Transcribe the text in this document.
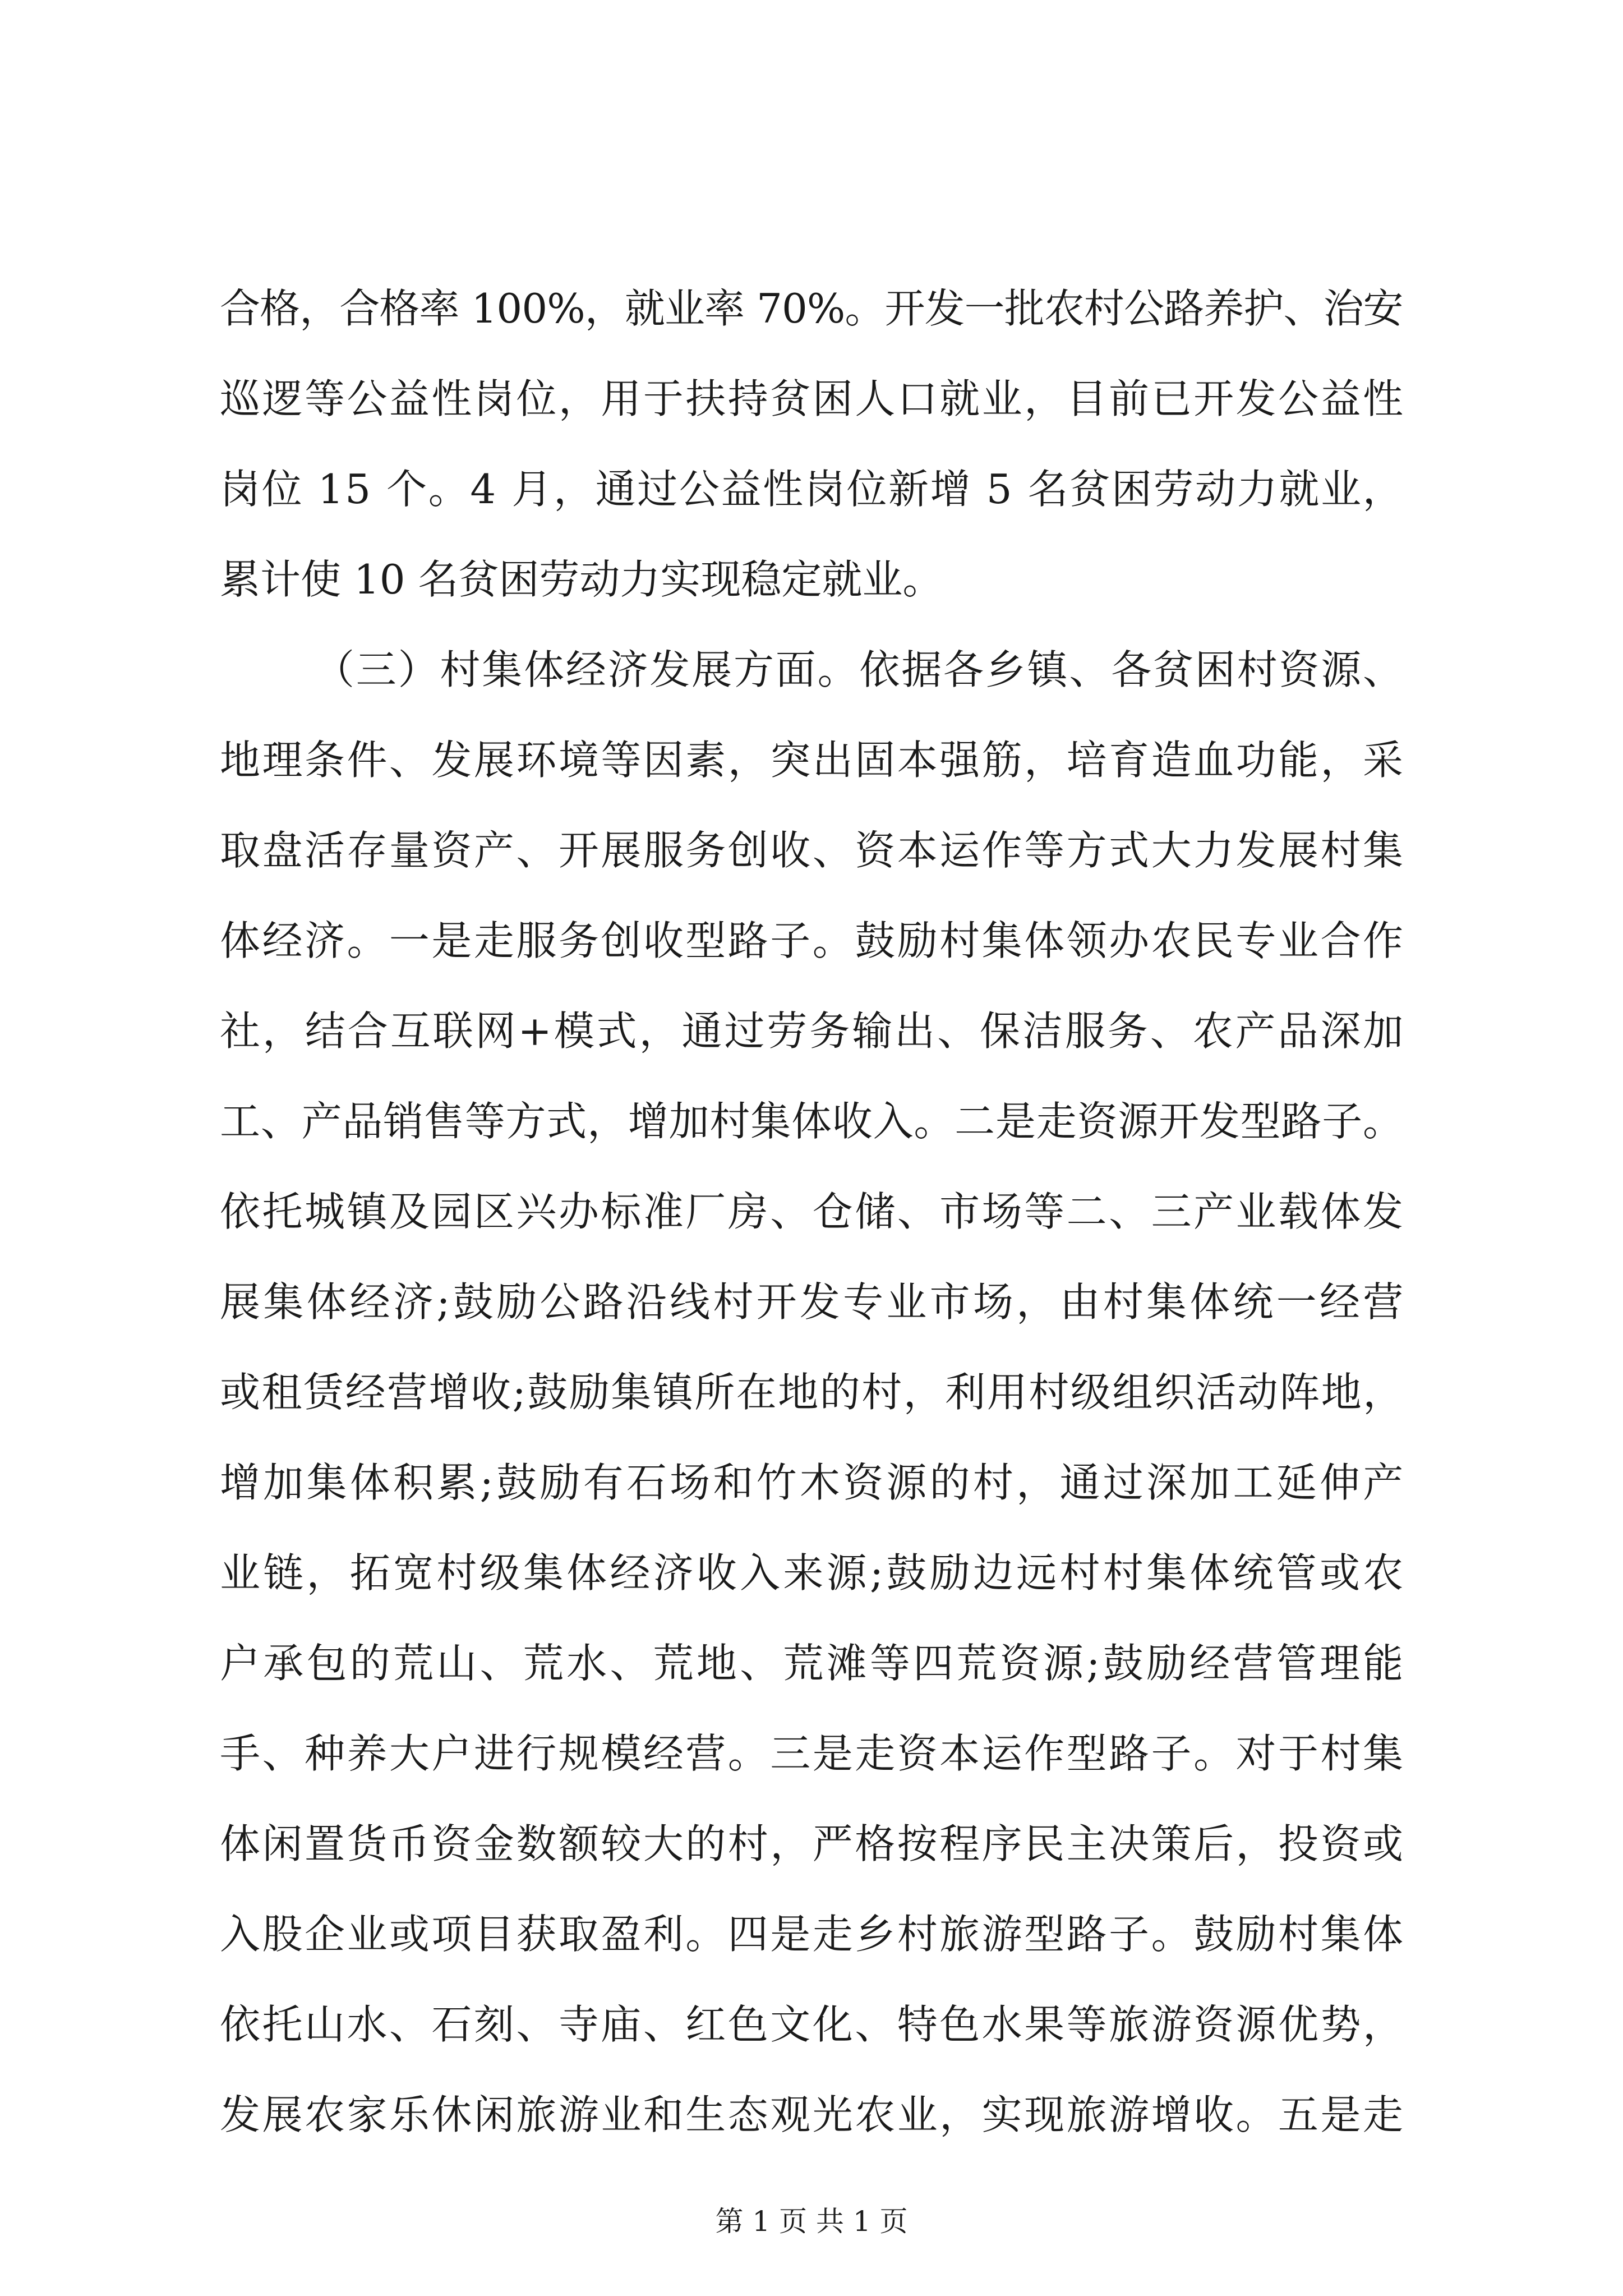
合格，合格率 100%，就业率 70%。开发一批农村公路养护、治安
巡逻等公益性岗位，用于扶持贫困人口就业，目前已开发公益性
岗位 15 个。4 月，通过公益性岗位新增 5 名贫困劳动力就业，
累计使 10 名贫困劳动力实现稳定就业。
（三）村集体经济发展方面。依据各乡镇、各贫困村资源、
地理条件、发展环境等因素，突出固本强筋，培育造血功能，采
取盘活存量资产、开展服务创收、资本运作等方式大力发展村集
体经济。一是走服务创收型路子。鼓励村集体领办农民专业合作
社，结合互联网+模式，通过劳务输出、保洁服务、农产品深加
工、产品销售等方式，增加村集体收入。二是走资源开发型路子。
依托城镇及园区兴办标准厂房、仓储、市场等二、三产业载体发
展集体经济;鼓励公路沿线村开发专业市场，由村集体统一经营
或租赁经营增收;鼓励集镇所在地的村，利用村级组织活动阵地，
增加集体积累;鼓励有石场和竹木资源的村，通过深加工延伸产
业链，拓宽村级集体经济收入来源;鼓励边远村村集体统管或农
户承包的荒山、荒水、荒地、荒滩等四荒资源;鼓励经营管理能
手、种养大户进行规模经营。三是走资本运作型路子。对于村集
体闲置货币资金数额较大的村，严格按程序民主决策后，投资或
入股企业或项目获取盈利。四是走乡村旅游型路子。鼓励村集体
依托山水、石刻、寺庙、红色文化、特色水果等旅游资源优势，
发展农家乐休闲旅游业和生态观光农业，实现旅游增收。五是走
第 1 页 共 1 页
